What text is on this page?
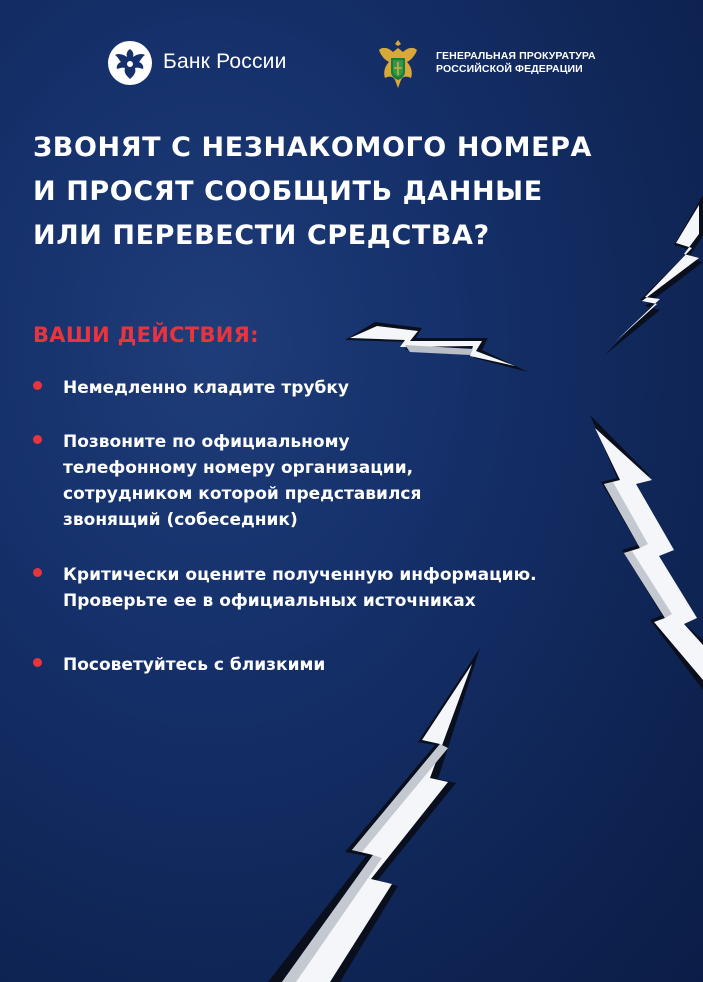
Банк России	ГЕНЕРАЛЬНАЯ ПРОКУРАТУРА
РОССИЙСКОЙ ФЕДЕРАЦИИ
ЗВОНЯТ С НЕЗНАКОМОГО НОМЕРА
И ПРОСЯТ СООБЩИТЬ ДАННЫЕ
ИЛИ ПЕРЕВЕСТИ СРЕДСТВА?
ВАШИ ДЕЙСТВИЯ:
Немедленно кладите трубку
Позвоните по официальному
телефонному номеру организации,
сотрудником которой представился
звонящий (собеседник)
Критически оцените полученную информацию.
Проверьте ее в официальных источниках
Посоветуйтесь с близкими
